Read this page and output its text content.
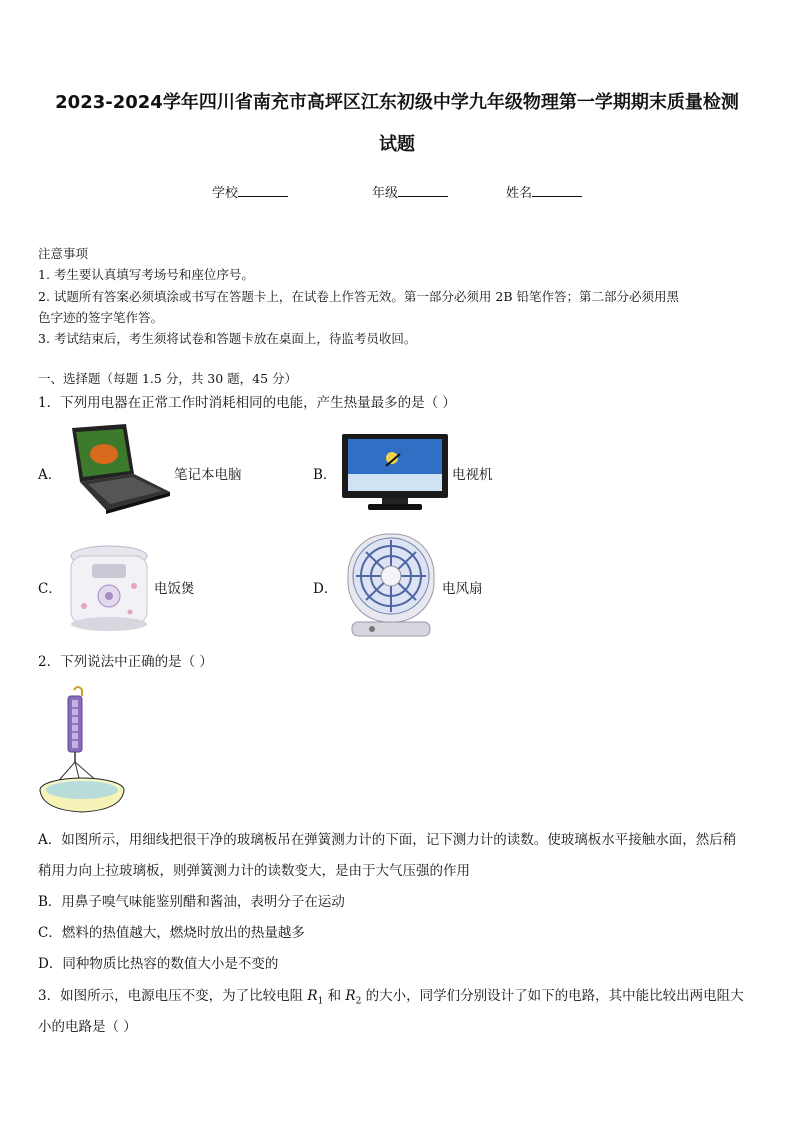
2023-2024学年四川省南充市高坪区江东初级中学九年级物理第一学期期末质量检测
试题
学校	年级	姓名
注意事项
1. 考生要认真填写考场号和座位序号。
2. 试题所有答案必须填涂或书写在答题卡上，在试卷上作答无效。第一部分必须用 2B 铅笔作答；第二部分必须用黑
色字迹的签字笔作答。
3. 考试结束后，考生须将试卷和答题卡放在桌面上，待监考员收回。
一、选择题（每题 1.5 分，共 30 题，45 分）
1．下列用电器在正常工作时消耗相同的电能，产生热量最多的是（ ）
A．	笔记本电脑	B．	电视机
C．	电饭煲	D．	电风扇
2．下列说法中正确的是（ ）
A．如图所示，用细线把很干净的玻璃板吊在弹簧测力计的下面，记下测力计的读数。使玻璃板水平接触水面，然后稍
稍用力向上拉玻璃板，则弹簧测力计的读数变大，是由于大气压强的作用
B．用鼻子嗅气味能鉴别醋和酱油，表明分子在运动
C．燃料的热值越大，燃烧时放出的热量越多
D．同种物质比热容的数值大小是不变的
3．如图所示，电源电压不变，为了比较电阻 $R_1$ 和 $R_2$ 的大小，同学们分别设计了如下的电路，其中能比较出两电阻大
小的电路是（ ）
